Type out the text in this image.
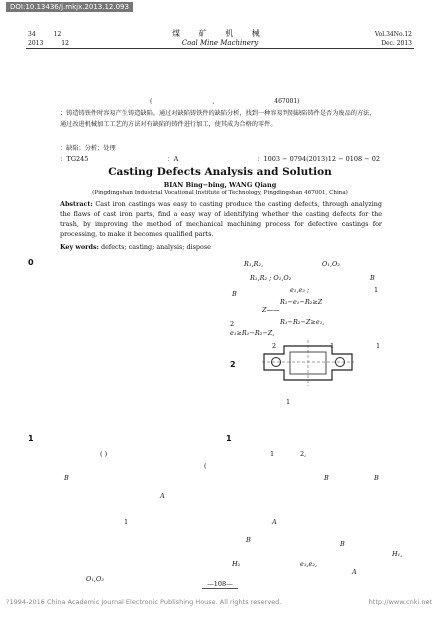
DOI:10.13436/j.mkjx.2013.12.093
34	12
2013	12
煤 矿 机 械
Coal Mine Machinery
Vol.34No.12
Dec. 2013
(	,	467001)
；铸造铸铁件时容易产生铸造缺陷。通过对缺陷铸铁件的缺陷分析，找到一种容易判别缺陷铸件是否为废品的方法，通过改进机械加工工艺的方法对有缺陷的铸件进行加工，使其成为合格的零件。
：缺陷；分析；处理
：TG245	：A	：1003 − 0794(2013)12 − 0108 − 02
Casting Defects Analysis and Solution
BIAN Bing−bing, WANG Qiang
(Pingdingshan Industrial Vocational Institute of Technology, Pingdingshan 467001, China)
Abstract: Cast iron castings was easy to casting produce the casting defects, through analyzing the flaws of cast iron parts, find a easy way of identifying whether the casting defects for the trash, by improving the method of mechanical machining process for defective castings for processing, to make it becomes qualified parts.
Key words: defects; casting; analysis; dispose
0
1	1
2
R₁,R₂,	O₁,O₂
R₁,R₂ ; O₁,O₂	B
e₁,e₂ ;
B
R₁−e₁−R₂≥Z
1
Z——
R₁−R₂−Z≥e₁,
e₁≥R₁−R₂−Z,
2	1	1
2
( )	1	2,
(
B	B	B
A
1	A
B	B
H₁,
H₂	e₁,e₂,
O₁,O₂
A
1
—108—
?1994-2016 China Academic Journal Electronic Publishing House. All rights reserved.	http://www.cnki.net
